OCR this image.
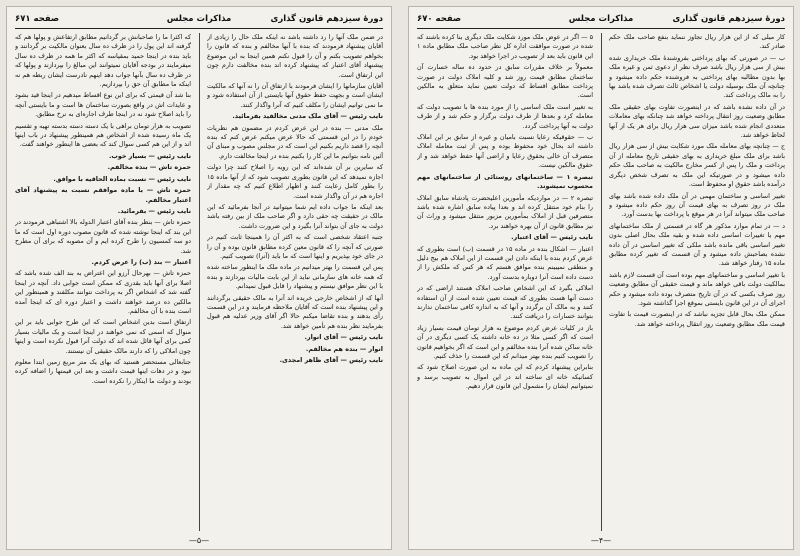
دورهٔ سیزدهم قانون گذاری
مذاکرات مجلس
صفحه ۶۷۱

در ضمن ملک آنها را رد داشته باشد نه اینکه ملک حال را زیادی از آقایان پیشنهاد فرمودند که بنده با آنها مخالفم و بنده که قانون را بخواهم تصویب بکنم و آن را قبول نکنم همین اینجا به این موضوع پیشنهاد آقای اعتبار که پیشنهاد کرده اند بنده مخالفت دارم چون این ارتفاق است.

آقایان سازمانها را ایشان فرمودند با ارتفاق آن را نه آنها که مالکیت ایشان است و بجهت حفظ حقوق آنها بایستی از آن استفاده شود و ما نمی توانیم ایشان را مکلف کنیم که آنرا واگذار کنند.

نایب رئیس — آقای ملک مدنی مخالفید بفرمائید.

ملک مدنی — بنده در این عرض کردم در مضمون هم نظریات خودم را در این قسمتی که حالا عرض میکنم عرض کنم که بنده آنچه را قصد داریم بکنیم این است که در مجلس مصوب و مبنای آن آئین نامه بتوانیم ما این کار را بکنیم بنده در اینجا مخالفت دارم.

که سایرین بر آن شده‌اند که این رویه را اصلاح کنند چرا دولت اجازه نمیدهد که این قانون بطوری تصویب شود که از آنها ماده ۱۵ را بطور کامل رعایت کنند و اظهار اطلاع کنیم که چه مقدار از اجاره هم در آن واگذار شده است.

بعد اینکه ما جواب داده ایم شما میتوانید در آنجا بفرمائید که این مالک در حقیقت چه حقی دارد و اگر صاحب ملک از بین رفته باشد دولت به جای آن بتواند آنرا بگیرد و این ضرورت داشت.

جنبه اعتقاد شخصی است که به اکثر آن را همینجا ثابت کنیم در صورتی که آنچه را که قانون معین کرده مطابق قانون بوده و آن را در جای خود بپذیریم و اینها است که ما باید (آنرا) تصویب کنیم.

پس این قسمت را بهتر میدانیم در ماده ملک ما اینطور ساخته شده که همه خانه های سازمانی نباید از این بابت مالیات بپردازند و بنده با این نظر موافق نیستم و پیشنهاد را قابل قبول نمیدانم.

آنها که از اشخاص خارجی خریده اند آنرا به مالک حقیقی برگردانند و این پیشنهاد بنده است که آقایان ملاحظه فرمایند و در این قسمت رأی بدهند و بنده تقاضا میکنم حالا اگر آقای وزیر عدلیه هم قبول بفرمایند نظر بنده هم تأمین خواهد شد.

نایب رئیس — آقای انوار.

انوار — بنده هم مخالفم.

نایب رئیس — آقای ظاهر امجدی.

که اکثرا ما را صاحبانش بر گردانیم مطابق ارتفاعش و پولها هم که گرفته اند این پول را در ظرف ده سال بعنوان مالکیت بر گردانند و باید بنده در اینجا حمید بمقیاسه که اکثر ما همه در ظرف ده سال میفرمایند در بودجه آقایان نمیتوانند این مبالغ را بپردازند و پولها که در ظرف ده سال بآنها جواب دهد اینهم نادرست ایشان ربطه هم نه اینکه ما مطابق آن حق را بپردازیم.

بنا شد آن قیمتی که برای این نوع اقساط میدهیم در اینجا قید بشود و عایدات اش در واقع بصورت ساختمان ها است و ما بایستی آنچه را باید اصلاح شود نه در اینجا طرف اجاره‌ای به نرخ مطابق.

تصویب به هزار تومان براهی با یک دسته دسته بدسته تهیه و تقسیم یک ماه رسیده شده از اشخاص هم همینطور پیشنهاد در باب اینها اند و از این هم کسی سوال کند که بعضی ها اینطور خواهند گفت.

نایب رئیس — بسیار خوب.

حمزه تاش — بنده مخالفم.

نایب رئیس — نسبت بماده الحاقیه با موافق.

حمزه تاش — با ماده موافقم نسبت به پیشنهاد آقای اعتبار مخالفم.

نایب رئیس — بفرمائید.

حمزه تاش — بنظر بنده آقای اعتبار الدوله بالا اشتباهی فرمودند در این بند که اینجا نوشته شده که قانون مصوب دوره اول است که ما دو سه کمسیون را طرح کرده ایم و آن مصوبه که برای آن مطرح شد.

اعتبار — بند (ب) را عرض کردم.

حمزه تاش — بهرحال آرزو این اعتراض به بند الف شده باشد که اصلا برای آنها باید بقدری که ممکن است جوابی داد. آنچه در اینجا گفته شد که اشخاص اگر به پرداخت نتوانند مکلفند و همینطور این مالکین ده درصد خواهند داشت و اعتبار دوره ای که اینجا آمده است بنده با آن مخالفم.

ارتفاق است بدین اشخاص است که این طرح جوابی باید بر این منوال که اسمی که نمی خواهند در اینجا است و یک مالیات بسیار کمی برای آنها قائل شده اند که دولت آنرا قبول نکرده است و اینها چون املاکی را که دارند مالک حقیقی آن نیستند.

جنابعالی مستحضر هستید که بهای یک متر مربع زمین ابتدا معلوم نبود و در دهات اینها قیمت داشت و بعد این قیمتها را اضافه کرده بودند و دولت ما اینکار را نکرده است.

—۵—
دورهٔ سیزدهم قانون گذاری
مذاکرات مجلس
صفحه ۶۷۰

کار میلی که از این هزار ریال تجاوز ننماید بنفع صاحب ملک حکم صادر کند.

ب — در صورتی که بهای پرداختی بفروشندهٔ ملک خریداری شده بیش از سی هزار ریال باشد صرف نظر از دعوی ثمن و غیره ملک بها بدون مطالبه بهای پرداختی به فروشنده حکم داده میشود و چنانچه آن ملک بوسیله دولت یا اشخاص ثالث تصرف شده باشد بها را به مالک پرداخت کند.

در آن داده نشده باشد که در اینصورت تفاوت بهای حقیقی ملک مطابق وضعیت روز انتقال پرداخته خواهد شد چنانکه بهای معاملات متعددی انجام شده باشد میزان سی هزار ریال برای هر یک از آنها لحاظ خواهد شد.

ج — چنانچه بهای معامله ملک مورد شکایت بیش از سی هزار ریال باشد برای ملک مبلغ خریداری به بهای حقیقی تاریخ معامله از آن پرداخت و ملک را پس از کسر مخارج مالکیت به صاحب ملک حکم داده میشود و در صورتیکه این ملک به تصرف شخص دیگری درآمده باشد حقوق او محفوظ است.

تغییر اساسی و ساختمان مهمی در آن ملک داده شده باشد بهای ملک در روز تصرف به بهای قیمت آن روز حکم داده میشود و صاحب ملک میتواند آنرا در هر موقع با پرداخت بها بدست آورد.

د — در تمام موارد مذکور هر گاه در قسمتی از ملک ساختمانهای مهم یا تغییرات اساسی داده شده و بقیه ملک بحال اصلی بدون تغییر اساسی باقی مانده باشد ملکی که تغییر اساسی در آن داده نشده بصاحبش داده میشود و آن قسمت که تغییر کرده مطابق ماده ۱۵ رفتار خواهد شد.

با تغییر اساسی و ساختمانهای مهم بوده است آن قسمت لازم باشد بمالکیت دولت باقی خواهد ماند و قیمت حقیقی آن مطابق وضعیت روز صرف بکسی که در آن تاریخ متصرف بوده داده میشود و حکم اجرای آن در این قانون بایستی بموقع اجرا گذاشته شود.

ممکن ملک بحال قابل تجزیه نباشد که در اینصورت قیمت با تفاوت قیمت ملک مطابق وضعیت روز انتقال پرداخته خواهد شد.

۵ — اگر در عوض ملک مورد شکایت ملک دیگری بنا کرده باشند که شده در صورت موافقت اداره کل نظر صاحب ملک مطابق ماده ۱ این قانون باید بعد از تصویب در اجرا خواهد بود.

معمولاً بر خلاف مقررات سابق در حدود ده ساله خسارت آن ساختمان مطابق قیمت روز شد و کلیه املاک دولت در صورت پرداخت مطابق اقساط که دولت تعیین نماید متعلق به مالکین است.

به تغییر است ملک اساسی را از مورد بنده ها با تصویب دولت که معامله کرد و بعدها از طرف دولت برگزار و حکم شد و از طرف دولت به آنها پرداخت گردد.

ب — حقوقیکه رعایا نسبت بامیان و غیره از سابق بر این املاک داشته اند بحال خود محفوظ بوده و پس از ثبت معامله املاک متصرف آن خالی بحقوق رعایا و اراضی آنها حفظ خواهد شد و از حقوق مالکین نیست.

تبصره ۱ — ساختمانهای روستائی از ساختمانهای مهم محسوب نمیشوند.

تبصره ۲ — در مواردیکه مأمورین اعلیحضرت پادشاه سابق املاک را بنام خود منتقل کرده اند و بعدا پیاده سابق اشاره شده باشد متصرفین قبل از املاک بمأمورین مزبور منتقل میشود و وراث آن نیز مطابق قانون از آن بهره خواهند برد.

نایب رئیس — آقای اعتبار.

اعتبار — اشکال بنده در ماده ۱۵ در قسمت (ب) است بطوری که عرض کردم بنده با اینکه دادن این قسمت از این املاک هم بیج دلیل و منطقی نمیبینم بنده موافق هستم که هر کس که ملکش را از دست داده است آنرا دوباره بدست آورد.

املاکی بگیرد که این اشخاص صاحب املاک هستند اراضی که در دست آنها هست بطوری که قیمت تعیین شده است از آن استفاده کنند و به مالک آن برگردد و آنها که به اندازه کافی ساختمان ندارند بتوانند خسارات را دریافت کنند.

باز در کلیات عرض کردم موضوع به هزار تومان قیمت بسیار زیاد است که اگر کسی مثلا در ده خانه داشته یک کسی دیگری در آن خانه ساکن شده آنرا بنده مخالفم و این است که اگر بخواهیم قانون را تصویب کنیم بنده بهتر میدانم که این قسمت را حذف کنیم.

بنابراین پیشنهاد کردم که این ماده به این صورت اصلاح شود که کسانیکه خانه ای ساخته اند در این اموال به تصویب برسد و نمیتوانیم ایشان را مشمول این قانون قرار دهیم.

—۴—
